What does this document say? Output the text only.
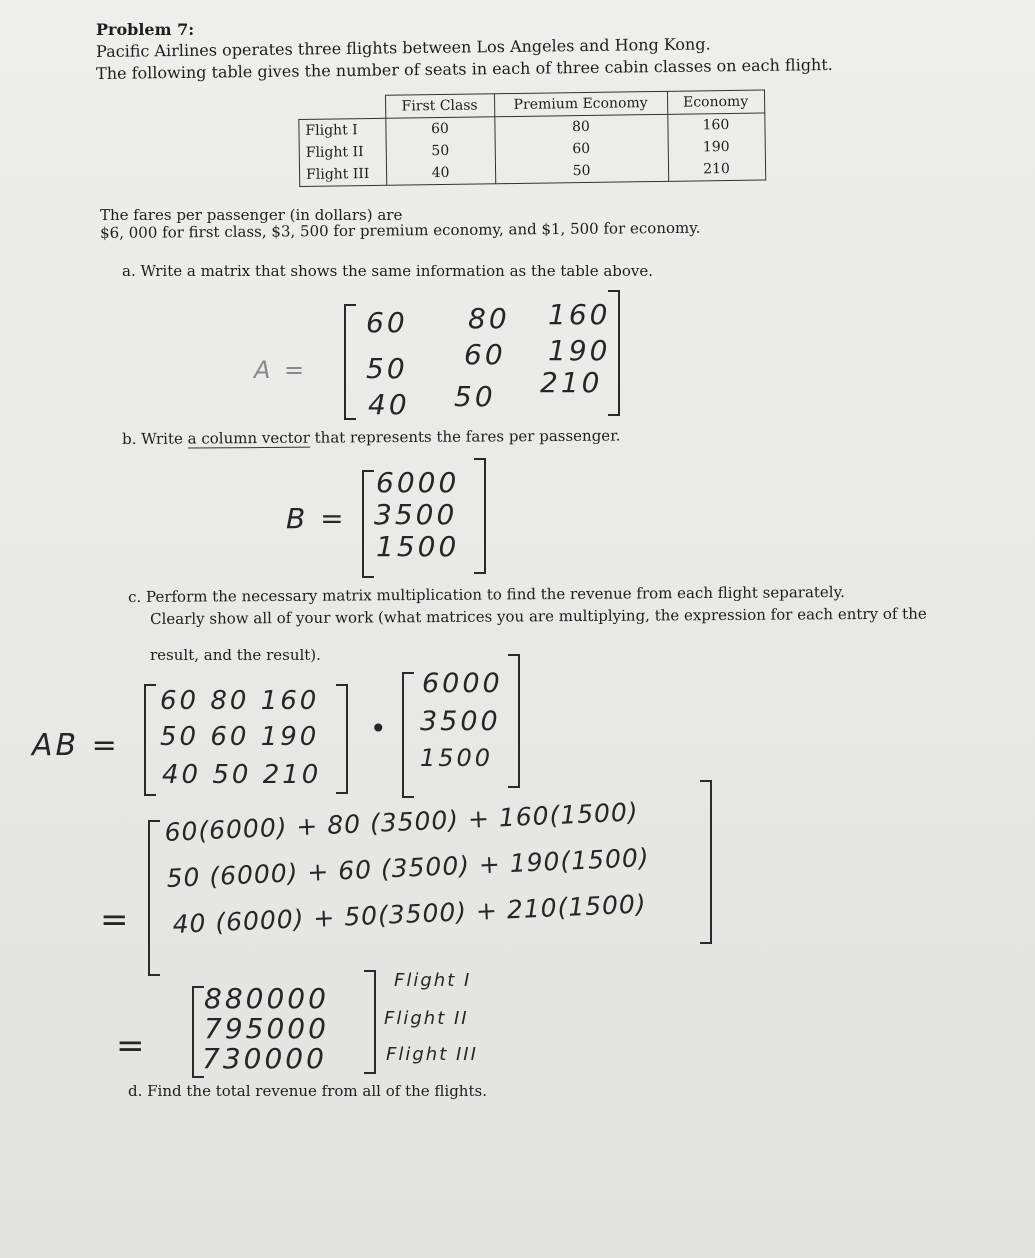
Problem 7:
Pacific Airlines operates three flights between Los Angeles and Hong Kong.
The following table gives the number of seats in each of three cabin classes on each flight.
	First Class	Premium Economy	Economy
Flight I	60	80	160
Flight II	50	60	190
Flight III	40	50	210
The fares per passenger (in dollars) are
$6, 000 for first class, $3, 500 for premium economy, and $1, 500 for economy.
a. Write a matrix that shows the same information as the table above.
A =
60 80 160
50 60 190
40 50 210
b. Write a column vector that represents the fares per passenger.
B =
6000
3500
1500
c. Perform the necessary matrix multiplication to find the revenue from each flight separately.
Clearly show all of your work (what matrices you are multiplying, the expression for each entry of the
result, and the result).
AB =
60 80 160
50 60 190
40 50 210
•
6000
3500
1500
=
60(6000) + 80 (3500) + 160(1500)
50 (6000) + 60 (3500) + 190(1500)
40 (6000) + 50(3500) + 210(1500)
=
880000
795000
730000
Flight I
Flight II
Flight III
d. Find the total revenue from all of the flights.
